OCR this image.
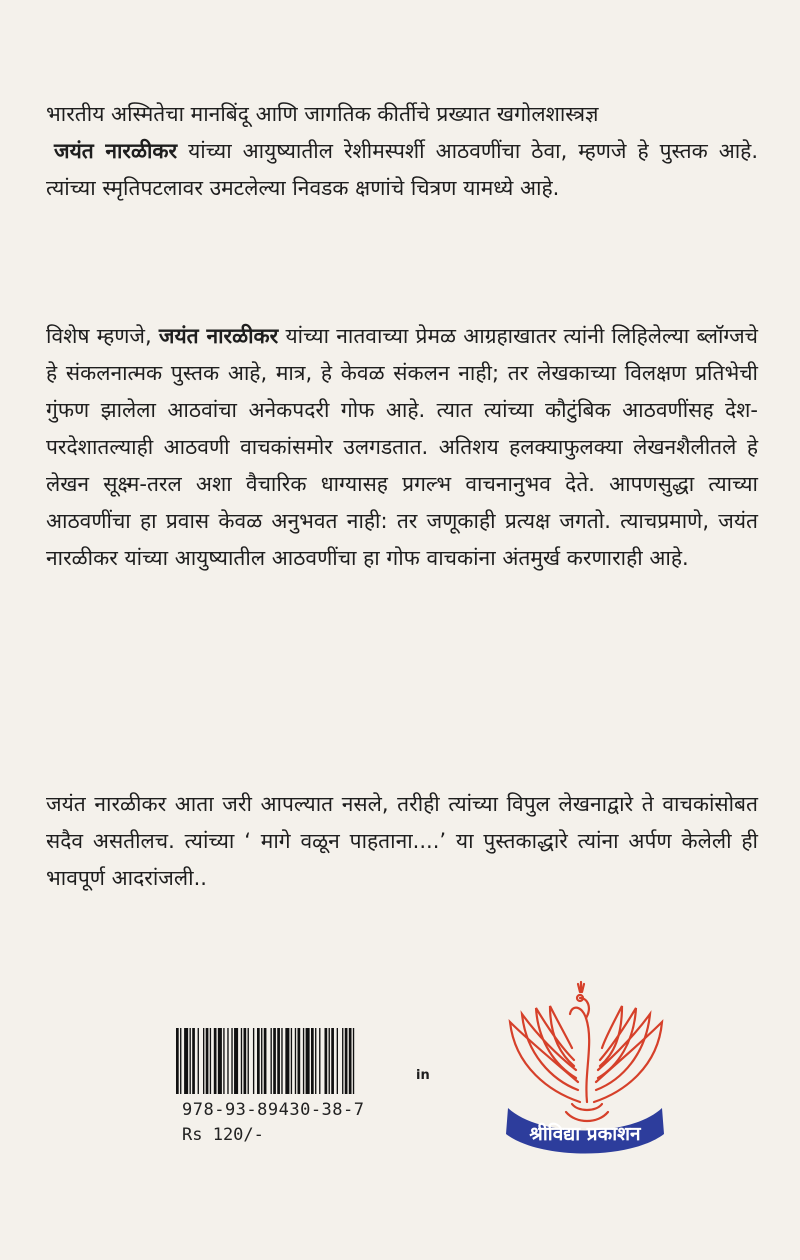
भारतीय अस्मितेचा मानबिंदू आणि जागतिक कीर्तीचे प्रख्यात खगोलशास्त्रज्ञ
जयंत नारळीकर यांच्या आयुष्यातील रेशीमस्पर्शी आठवणींचा ठेवा, म्हणजे हे पुस्तक आहे. त्यांच्या स्मृतिपटलावर उमटलेल्या निवडक क्षणांचे चित्रण यामध्ये आहे.

विशेष म्हणजे, जयंत नारळीकर यांच्या नातवाच्या प्रेमळ आग्रहाखातर त्यांनी लिहिलेल्या ब्लॉग्जचे हे संकलनात्मक पुस्तक आहे, मात्र, हे केवळ संकलन नाही; तर लेखकाच्या विलक्षण प्रतिभेची गुंफण झालेला आठवांचा अनेकपदरी गोफ आहे. त्यात त्यांच्या कौटुंबिक आठवणींसह देश- परदेशातल्याही आठवणी वाचकांसमोर उलगडतात. अतिशय हलक्याफुलक्या लेखनशैलीतले हे लेखन सूक्ष्म-तरल अशा वैचारिक धाग्यासह प्रगल्भ वाचनानुभव देते. आपणसुद्धा त्याच्या आठवणींचा हा प्रवास केवळ अनुभवत नाही: तर जणूकाही प्रत्यक्ष जगतो. त्याचप्रमाणे, जयंत नारळीकर यांच्या आयुष्यातील आठवणींचा हा गोफ वाचकांना अंतमुर्ख करणाराही आहे.

जयंत नारळीकर आता जरी आपल्यात नसले, तरीही त्यांच्या विपुल लेखनाद्वारे ते वाचकांसोबत सदैव असतीलच. त्यांच्या ‘ मागे वळून पाहताना....’ या पुस्तकाद्धारे त्यांना अर्पण केलेली ही भावपूर्ण आदरांजली..

in
978-93-89430-38-7
Rs 120/-	श्रीविद्या प्रकाशन
